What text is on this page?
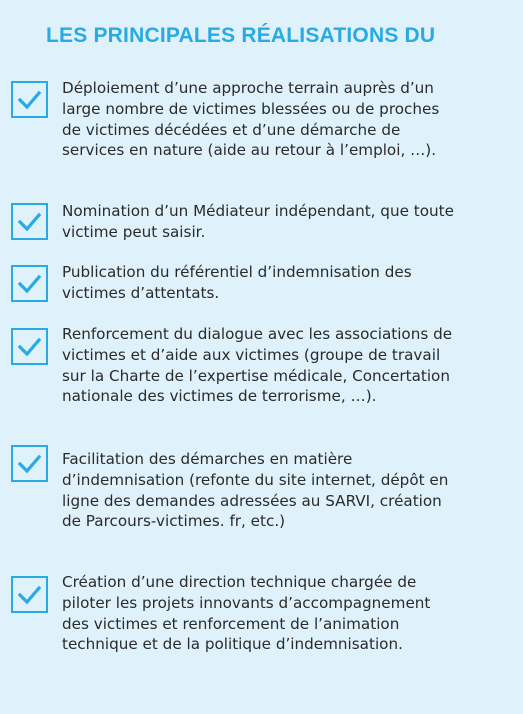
LES PRINCIPALES RÉALISATIONS DU

Déploiement d’une approche terrain auprès d’un large nombre de victimes blessées ou de proches de victimes décédées et d’une démarche de services en nature (aide au retour à l’emploi, …).

Nomination d’un Médiateur indépendant, que toute victime peut saisir.

Publication du référentiel d’indemnisation des victimes d’attentats.

Renforcement du dialogue avec les associations de victimes et d’aide aux victimes (groupe de travail sur la Charte de l’expertise médicale, Concertation nationale des victimes de terrorisme, …).

Facilitation des démarches en matière d’indemnisation (refonte du site internet, dépôt en ligne des demandes adressées au SARVI, création de Parcours-victimes. fr, etc.)

Création d’une direction technique chargée de piloter les projets innovants d’accompagnement des victimes et renforcement de l’animation technique et de la politique d’indemnisation.
